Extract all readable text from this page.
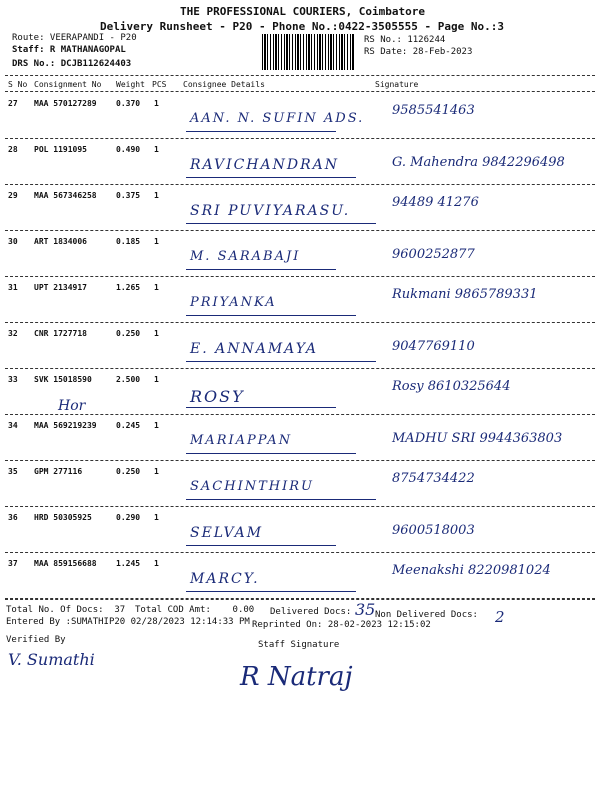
THE PROFESSIONAL COURIERS, Coimbatore
Delivery Runsheet - P20 - Phone No.:0422-3505555 - Page No.:3
Route: VEERAPANDI - P20
Staff: R MATHANAGOPAL
DRS No.: DCJB112624403
RS No.: 1126244
RS Date: 28-Feb-2023
S No Consignment No Weight PCS Consignee Details	Signature
27 MAA 570127289 0.370 1
AAN. N. SUFIN ADS.
9585541463
28 POL 1191095	0.490 1
RAVICHANDRAN	G. Mahendra 9842296498
29 MAA 567346258 0.375 1
SRI PUVIYARASU.
94489 41276
30 ART 1834006	0.185 1
M. SARABAJI	9600252877
31 UPT 2134917	1.265 1
PRIYANKA
Rukmani 9865789331
32 CNR 1727718	0.250 1
E. ANNAMAYA	9047769110
33 SVK 15018590	2.500 1
ROSY
Rosy 8610325644
34 MAA 569219239 0.245 1
MARIAPPAN	MADHU SRI 9944363803
35 GPM 277116	0.250 1
SACHINTHIRU
8754734422
36 HRD 50305925	0.290 1
SELVAM	9600518003
37 MAA 859156688 1.245 1
MARCY.
Meenakshi 8220981024
Hor
Total No. Of Docs:  37 Total COD Amt:    0.00 Delivered Docs: 35 Non Delivered Docs: 2
Entered By :SUMATHIP20 02/28/2023 12:14:33 PM Reprinted On: 28-02-2023 12:15:02
Verified By
V. Sumathi
Staff Signature
R Natraj
